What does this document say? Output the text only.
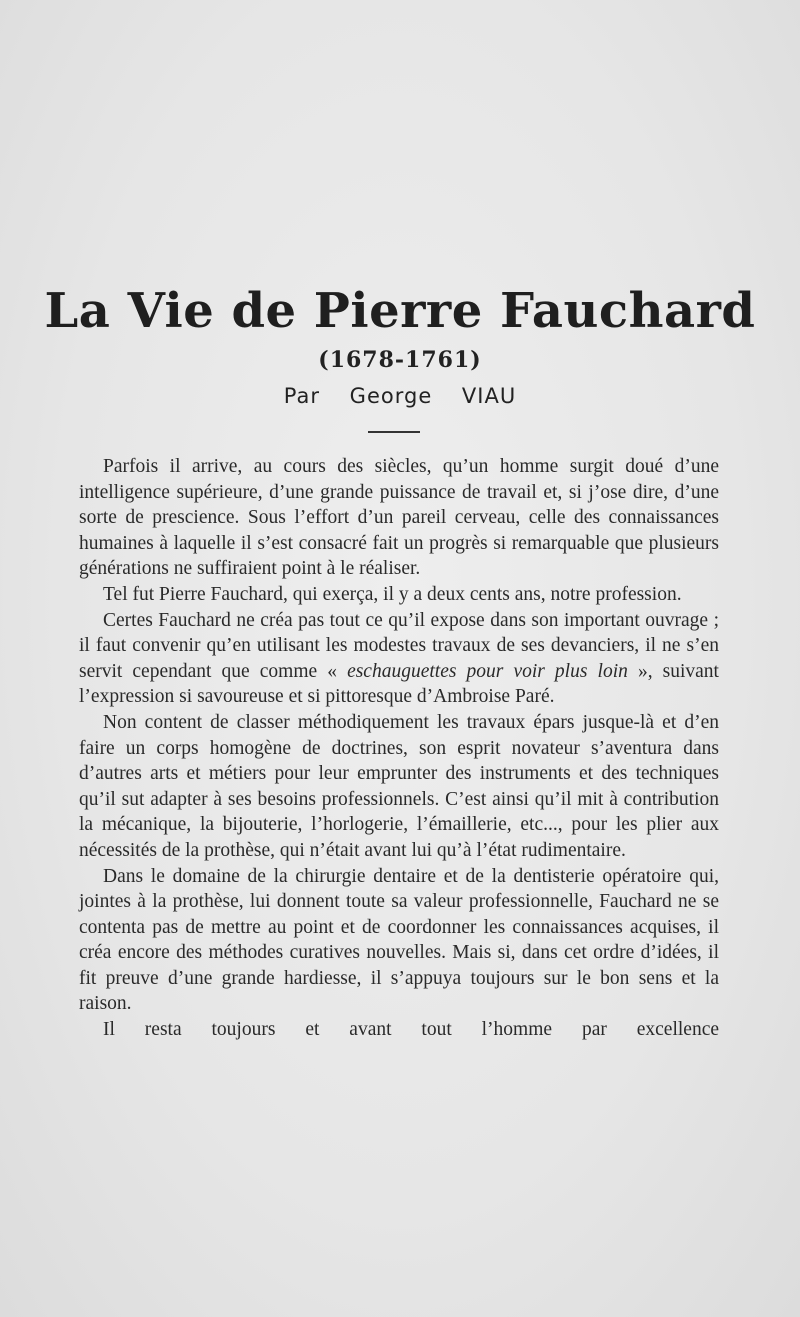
La Vie de Pierre Fauchard
(1678-1761)
Par George VIAU

Parfois il arrive, au cours des siècles, qu’un homme surgit doué d’une intelligence supérieure, d’une grande puissance de travail et, si j’ose dire, d’une sorte de prescience. Sous l’effort d’un pareil cerveau, celle des connaissances humaines à laquelle il s’est consacré fait un progrès si remarquable que plusieurs générations ne suffiraient point à le réaliser.

Tel fut Pierre Fauchard, qui exerça, il y a deux cents ans, notre profession.

Certes Fauchard ne créa pas tout ce qu’il expose dans son important ouvrage ; il faut convenir qu’en utilisant les modestes travaux de ses devanciers, il ne s’en servit cependant que comme « eschauguettes pour voir plus loin », suivant l’expression si savoureuse et si pittoresque d’Ambroise Paré.

Non content de classer méthodiquement les travaux épars jusque-là et d’en faire un corps homogène de doctrines, son esprit novateur s’aventura dans d’autres arts et métiers pour leur emprunter des instruments et des techniques qu’il sut adapter à ses besoins professionnels. C’est ainsi qu’il mit à contribution la mécanique, la bijouterie, l’horlogerie, l’émaillerie, etc..., pour les plier aux nécessités de la prothèse, qui n’était avant lui qu’à l’état rudimentaire.

Dans le domaine de la chirurgie dentaire et de la dentisterie opératoire qui, jointes à la prothèse, lui donnent toute sa valeur professionnelle, Fauchard ne se contenta pas de mettre au point et de coordonner les connaissances acquises, il créa encore des méthodes curatives nouvelles. Mais si, dans cet ordre d’idées, il fit preuve d’une grande hardiesse, il s’appuya toujours sur le bon sens et la raison.

Il resta toujours et avant tout l’homme par excellence
